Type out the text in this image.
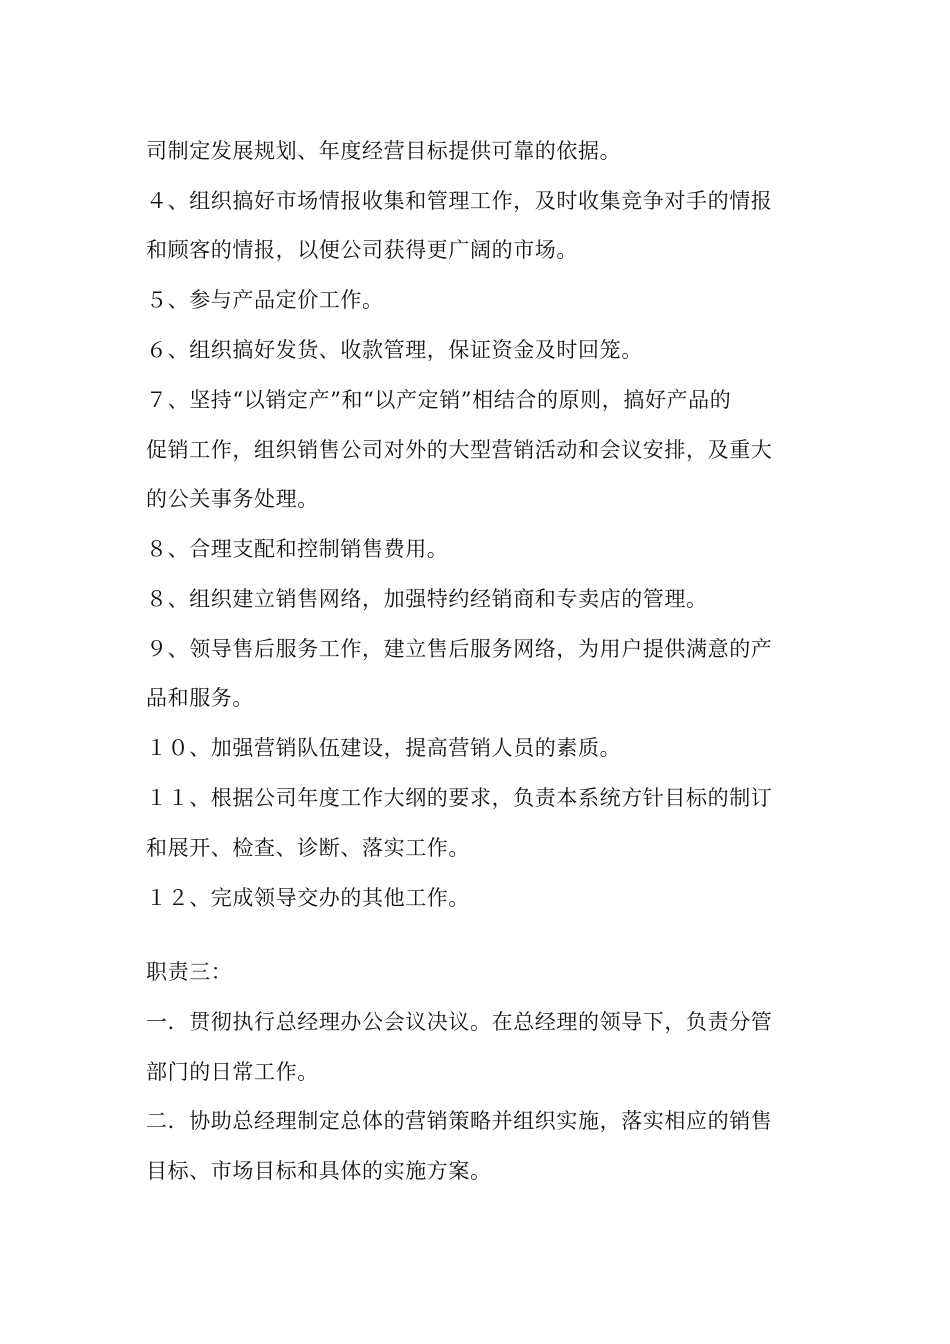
司制定发展规划、年度经营目标提供可靠的依据。
４、组织搞好市场情报收集和管理工作，及时收集竞争对手的情报
和顾客的情报，以便公司获得更广阔的市场。
５、参与产品定价工作。
６、组织搞好发货、收款管理，保证资金及时回笼。
７、坚持“以销定产”和“以产定销”相结合的原则，搞好产品的
促销工作，组织销售公司对外的大型营销活动和会议安排，及重大
的公关事务处理。
８、合理支配和控制销售费用。
８、组织建立销售网络，加强特约经销商和专卖店的管理。
９、领导售后服务工作，建立售后服务网络，为用户提供满意的产
品和服务。
１０、加强营销队伍建设，提高营销人员的素质。
１１、根据公司年度工作大纲的要求，负责本系统方针目标的制订
和展开、检查、诊断、落实工作。
１２、完成领导交办的其他工作。
职责三：
一．贯彻执行总经理办公会议决议。在总经理的领导下，负责分管
部门的日常工作。
二．协助总经理制定总体的营销策略并组织实施，落实相应的销售
目标、市场目标和具体的实施方案。
